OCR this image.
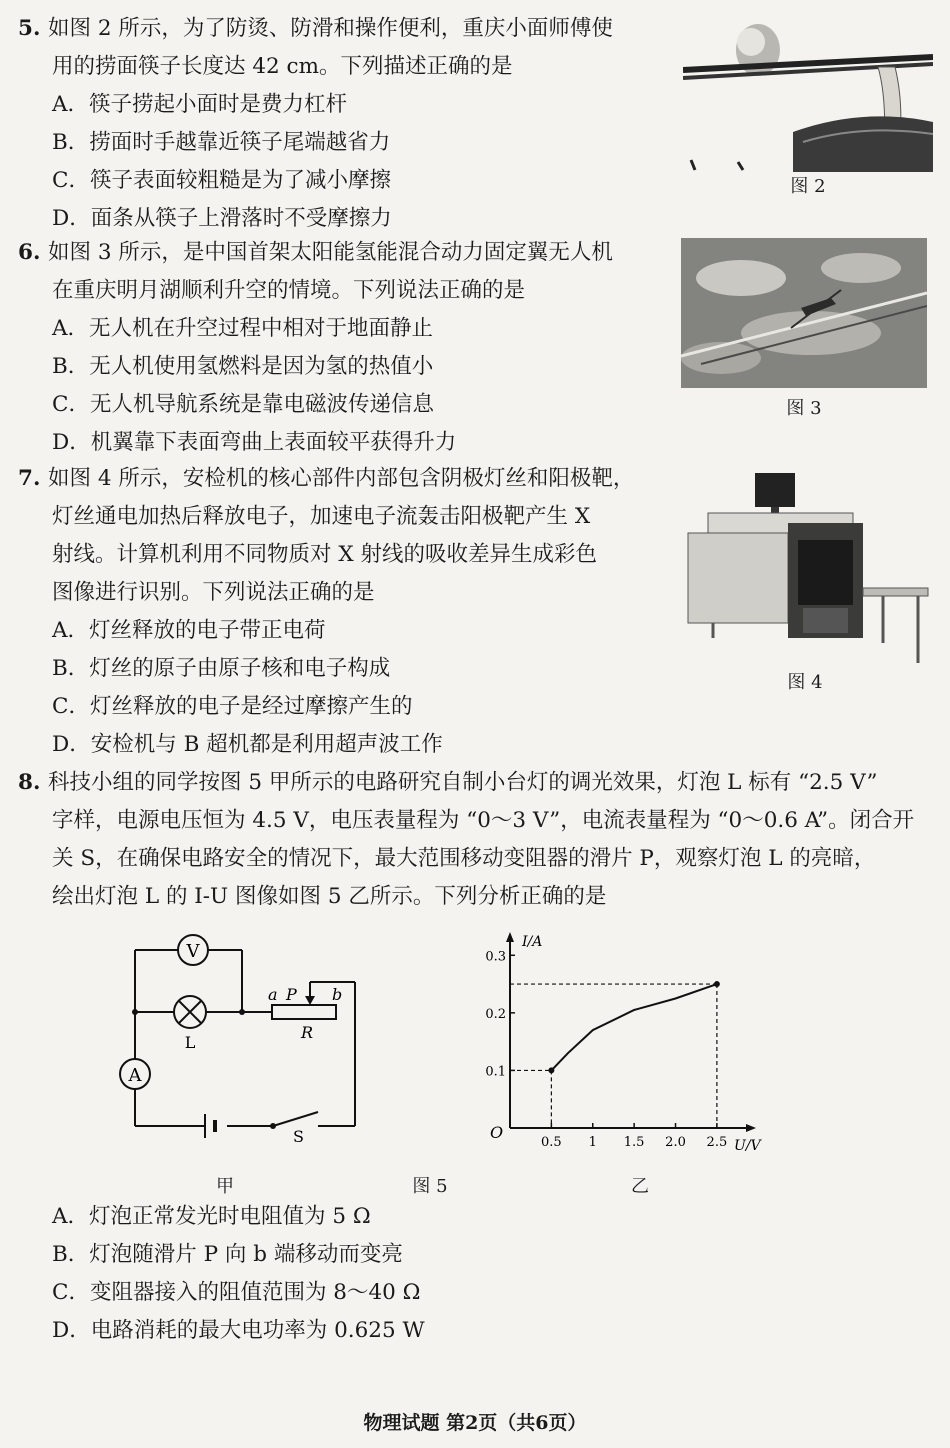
5. 如图 2 所示，为了防烫、防滑和操作便利，重庆小面师傅使
用的捞面筷子长度达 42 cm。下列描述正确的是
A．筷子捞起小面时是费力杠杆
B．捞面时手越靠近筷子尾端越省力
C．筷子表面较粗糙是为了减小摩擦
D．面条从筷子上滑落时不受摩擦力
图 2
6. 如图 3 所示，是中国首架太阳能氢能混合动力固定翼无人机
在重庆明月湖顺利升空的情境。下列说法正确的是
A．无人机在升空过程中相对于地面静止
B．无人机使用氢燃料是因为氢的热值小
C．无人机导航系统是靠电磁波传递信息
D．机翼靠下表面弯曲上表面较平获得升力
图 3
7. 如图 4 所示，安检机的核心部件内部包含阴极灯丝和阳极靶，
灯丝通电加热后释放电子，加速电子流轰击阳极靶产生 X
射线。计算机利用不同物质对 X 射线的吸收差异生成彩色
图像进行识别。下列说法正确的是
A．灯丝释放的电子带正电荷
B．灯丝的原子由原子核和电子构成
C．灯丝释放的电子是经过摩擦产生的
D．安检机与 B 超机都是利用超声波工作
图 4
8. 科技小组的同学按图 5 甲所示的电路研究自制小台灯的调光效果，灯泡 L 标有 “2.5 V”
字样，电源电压恒为 4.5 V，电压表量程为 “0～3 V”，电流表量程为 “0～0.6 A”。闭合开
关 S，在确保电路安全的情况下，最大范围移动变阻器的滑片 P，观察灯泡 L 的亮暗，
绘出灯泡 L 的 I-U 图像如图 5 乙所示。下列分析正确的是
V
L
A
a P b
R
S
I/A
U/V
O
0.5 1 1.5 2.0 2.5
0.1
0.2
0.3
甲	图 5	乙
A．灯泡正常发光时电阻值为 5 Ω
B．灯泡随滑片 P 向 b 端移动而变亮
C．变阻器接入的阻值范围为 8～40 Ω
D．电路消耗的最大电功率为 0.625 W
物理试题 第2页（共6页）
